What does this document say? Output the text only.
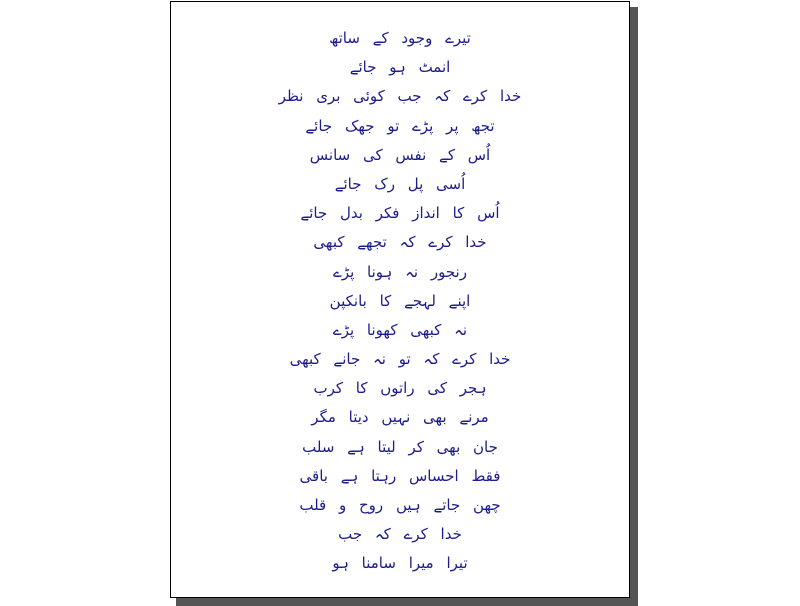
تیرے وجود کے ساتھ
انمٹ ہو جائے
خدا کرے کہ جب کوئی بری نظر
تجھ پر پڑے تو جھک جائے
اُس کے نفس کی سانس
اُسی پل رک جائے
اُس کا انداز فکر بدل جائے
خدا کرے کہ تجھے کبھی
رنجور نہ ہونا پڑے
اپنے لہجے کا بانکپن
نہ کبھی کھونا پڑے
خدا کرے کہ تو نہ جانے کبھی
ہجر کی راتوں کا کرب
مرنے بھی نہیں دیتا مگر
جان بھی کر لیتا ہے سلب
فقط احساس رہتا ہے باقی
چھن جاتے ہیں روح و قلب
خدا کرے کہ جب
تیرا میرا سامنا ہو
